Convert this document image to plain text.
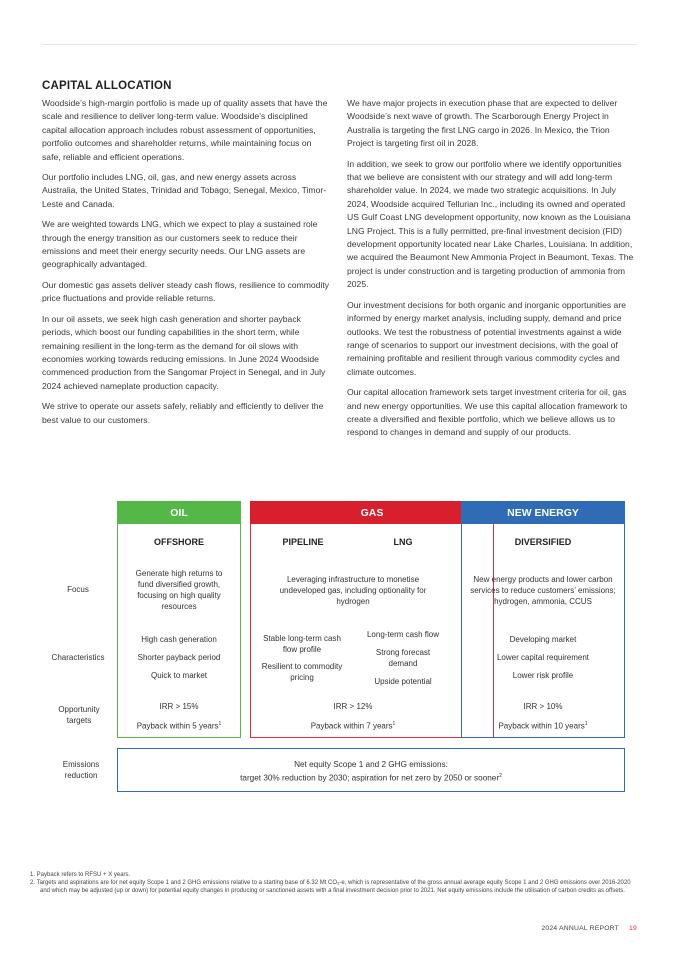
CAPITAL ALLOCATION

Woodside’s high-margin portfolio is made up of quality assets that have the scale and resilience to deliver long-term value. Woodside’s disciplined capital allocation approach includes robust assessment of opportunities, portfolio outcomes and shareholder returns, while maintaining focus on safe, reliable and efficient operations.

Our portfolio includes LNG, oil, gas, and new energy assets across Australia, the United States, Trinidad and Tobago, Senegal, Mexico, Timor-Leste and Canada.

We are weighted towards LNG, which we expect to play a sustained role through the energy transition as our customers seek to reduce their emissions and meet their energy security needs. Our LNG assets are geographically advantaged.

Our domestic gas assets deliver steady cash flows, resilience to commodity price fluctuations and provide reliable returns.

In our oil assets, we seek high cash generation and shorter payback periods, which boost our funding capabilities in the short term, while remaining resilient in the long-term as the demand for oil slows with economies working towards reducing emissions. In June 2024 Woodside commenced production from the Sangomar Project in Senegal, and in July 2024 achieved nameplate production capacity.

We strive to operate our assets safely, reliably and efficiently to deliver the best value to our customers.

We have major projects in execution phase that are expected to deliver Woodside’s next wave of growth. The Scarborough Energy Project in Australia is targeting the first LNG cargo in 2026. In Mexico, the Trion Project is targeting first oil in 2028.

In addition, we seek to grow our portfolio where we identify opportunities that we believe are consistent with our strategy and will add long-term shareholder value. In 2024, we made two strategic acquisitions. In July 2024, Woodside acquired Tellurian Inc., including its owned and operated US Gulf Coast LNG development opportunity, now known as the Louisiana LNG Project. This is a fully permitted, pre-final investment decision (FID) development opportunity located near Lake Charles, Louisiana. In addition, we acquired the Beaumont New Ammonia Project in Beaumont, Texas. The project is under construction and is targeting production of ammonia from 2025.

Our investment decisions for both organic and inorganic opportunities are informed by energy market analysis, including supply, demand and price outlooks. We test the robustness of potential investments against a wide range of scenarios to support our investment decisions, with the goal of remaining profitable and resilient through various commodity cycles and climate outcomes.

Our capital allocation framework sets target investment criteria for oil, gas and new energy opportunities. We use this capital allocation framework to create a diversified and flexible portfolio, which we believe allows us to respond to changes in demand and supply of our products.

Focus
Characteristics
Opportunity targets
Emissions reduction
OIL
OFFSHORE
Generate high returns to fund diversified growth, focusing on high quality resources
High cash generation
Shorter payback period
Quick to market
IRR > 15%
Payback within 5 years$^1$
GAS
PIPELINE	LNG
Leveraging infrastructure to monetise undeveloped gas, including optionality for hydrogen
Stable long-term cash flow profile
Resilient to commodity pricing
Long-term cash flow
Strong forecast demand
Upside potential
IRR > 12%
Payback within 7 years$^1$
NEW ENERGY
DIVERSIFIED
New energy products and lower carbon services to reduce customers’ emissions; hydrogen, ammonia, CCUS
Developing market
Lower capital requirement
Lower risk profile
IRR > 10%
Payback within 10 years$^1$
Net equity Scope 1 and 2 GHG emissions:
target 30% reduction by 2030; aspiration for net zero by 2050 or sooner$^2$
1. Payback refers to RFSU + X years.
2. Targets and aspirations are for net equity Scope 1 and 2 GHG emissions relative to a starting base of 6.32 Mt CO₂-e, which is representative of the gross annual average equity Scope 1 and 2 GHG emissions over 2016-2020 and which may be adjusted (up or down) for potential equity changes in producing or sanctioned assets with a final investment decision prior to 2021. Net equity emissions include the utilisation of carbon credits as offsets.
2024 ANNUAL REPORT 19
